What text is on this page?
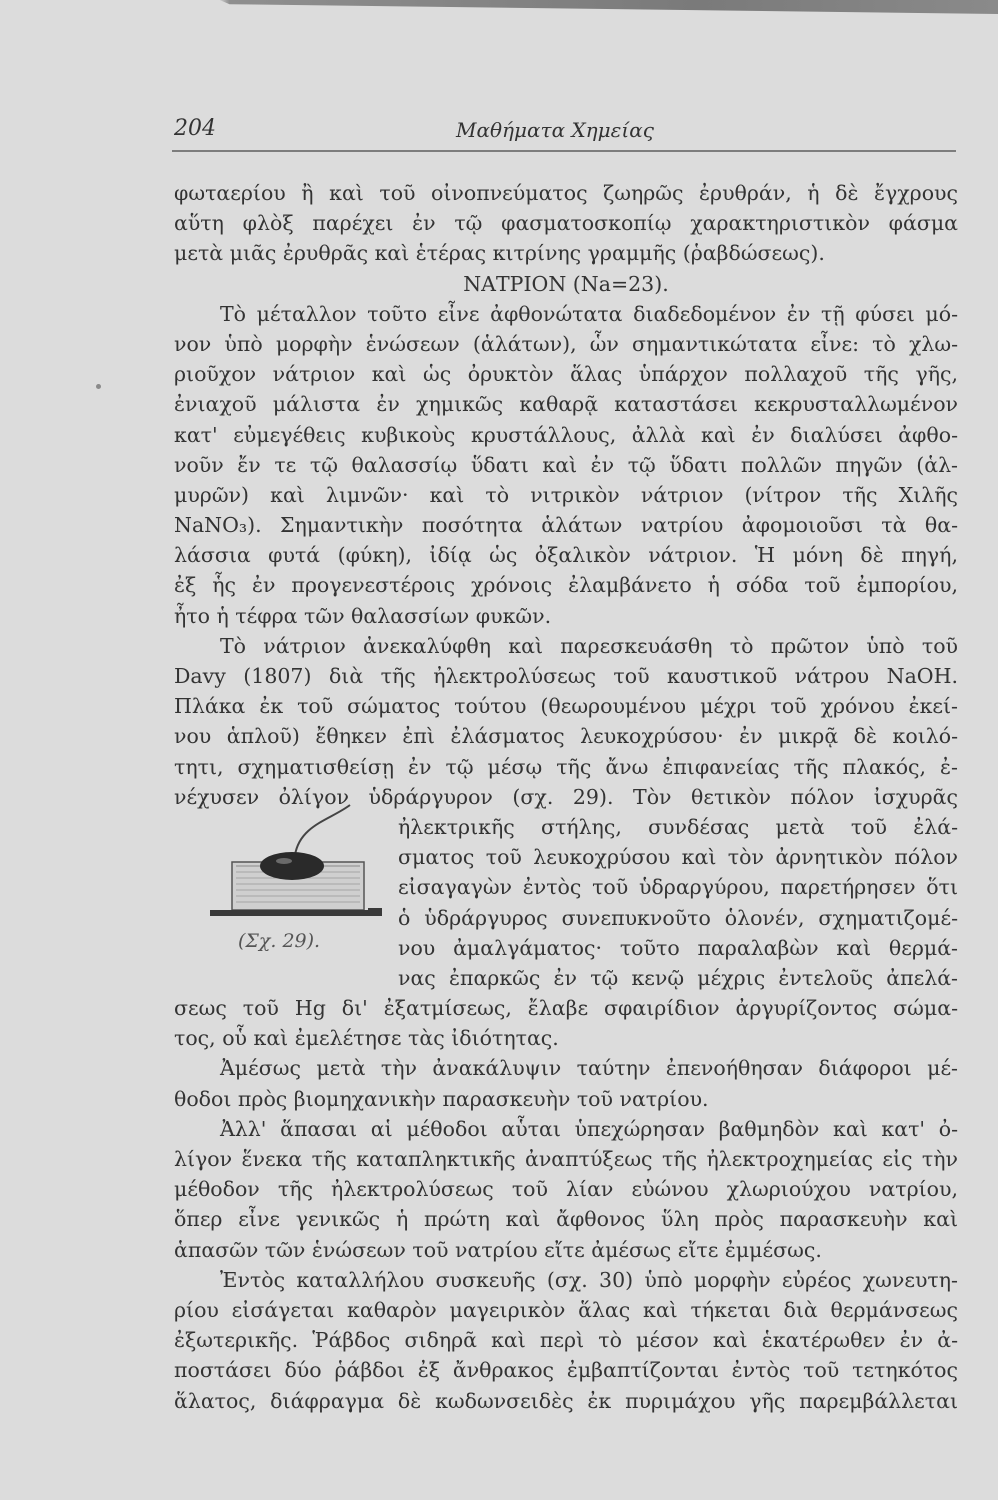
204	Μαθήματα Χημείας
φωταερίου ἢ καὶ τοῦ οἰνοπνεύματος ζωηρῶς ἐρυθράν, ἡ δὲ ἔγχρους
αὕτη φλὸξ παρέχει ἐν τῷ φασματοσκοπίῳ χαρακτηριστικὸν φάσμα
μετὰ μιᾶς ἐρυθρᾶς καὶ ἑτέρας κιτρίνης γραμμῆς (ῥαβδώσεως).
ΝΑΤΡΙΟΝ (Na=23).
Τὸ μέταλλον τοῦτο εἶνε ἀφθονώτατα διαδεδομένον ἐν τῇ φύσει μό-
νον ὑπὸ μορφὴν ἑνώσεων (ἁλάτων), ὧν σημαντικώτατα εἶνε: τὸ χλω-
ριοῦχον νάτριον καὶ ὡς ὀρυκτὸν ἅλας ὑπάρχον πολλαχοῦ τῆς γῆς,
ἐνιαχοῦ μάλιστα ἐν χημικῶς καθαρᾷ καταστάσει κεκρυσταλλωμένον
κατ' εὐμεγέθεις κυβικοὺς κρυστάλλους, ἀλλὰ καὶ ἐν διαλύσει ἀφθο-
νοῦν ἔν τε τῷ θαλασσίῳ ὕδατι καὶ ἐν τῷ ὕδατι πολλῶν πηγῶν (ἁλ-
μυρῶν) καὶ λιμνῶν· καὶ τὸ νιτρικὸν νάτριον (νίτρον τῆς Χιλῆς
NaNO₃). Σημαντικὴν ποσότητα ἁλάτων νατρίου ἀφομοιοῦσι τὰ θα-
λάσσια φυτά (φύκη), ἰδίᾳ ὡς ὀξαλικὸν νάτριον. Ἡ μόνη δὲ πηγή,
ἐξ ἧς ἐν προγενεστέροις χρόνοις ἐλαμβάνετο ἡ σόδα τοῦ ἐμπορίου,
ἦτο ἡ τέφρα τῶν θαλασσίων φυκῶν.
Τὸ νάτριον ἀνεκαλύφθη καὶ παρεσκευάσθη τὸ πρῶτον ὑπὸ τοῦ
Davy (1807) διὰ τῆς ἠλεκτρολύσεως τοῦ καυστικοῦ νάτρου NaOH.
Πλάκα ἐκ τοῦ σώματος τούτου (θεωρουμένου μέχρι τοῦ χρόνου ἐκεί-
νου ἁπλοῦ) ἔθηκεν ἐπὶ ἐλάσματος λευκοχρύσου· ἐν μικρᾷ δὲ κοιλό-
τητι, σχηματισθείσῃ ἐν τῷ μέσῳ τῆς ἄνω ἐπιφανείας τῆς πλακός, ἐ-
νέχυσεν ὀλίγον ὑδράργυρον (σχ. 29). Τὸν θετικὸν πόλον ἰσχυρᾶς
ἠλεκτρικῆς στήλης, συνδέσας μετὰ τοῦ ἐλά-
σματος τοῦ λευκοχρύσου καὶ τὸν ἀρνητικὸν πόλον
εἰσαγαγὼν ἐντὸς τοῦ ὑδραργύρου, παρετήρησεν ὅτι
ὁ ὑδράργυρος συνεπυκνοῦτο ὁλονέν, σχηματιζομέ-
νου ἀμαλγάματος· τοῦτο παραλαβὼν καὶ θερμά-
νας ἐπαρκῶς ἐν τῷ κενῷ μέχρις ἐντελοῦς ἀπελά-
σεως τοῦ Hg δι' ἐξατμίσεως, ἔλαβε σφαιρίδιον ἀργυρίζοντος σώμα-
τος, οὗ καὶ ἐμελέτησε τὰς ἰδιότητας.
Ἀμέσως μετὰ τὴν ἀνακάλυψιν ταύτην ἐπενοήθησαν διάφοροι μέ-
θοδοι πρὸς βιομηχανικὴν παρασκευὴν τοῦ νατρίου.
Ἀλλ' ἅπασαι αἱ μέθοδοι αὗται ὑπεχώρησαν βαθμηδὸν καὶ κατ' ὀ-
λίγον ἕνεκα τῆς καταπληκτικῆς ἀναπτύξεως τῆς ἠλεκτροχημείας εἰς τὴν
μέθοδον τῆς ἠλεκτρολύσεως τοῦ λίαν εὐώνου χλωριούχου νατρίου,
ὅπερ εἶνε γενικῶς ἡ πρώτη καὶ ἄφθονος ὕλη πρὸς παρασκευὴν καὶ
ἁπασῶν τῶν ἑνώσεων τοῦ νατρίου εἴτε ἀμέσως εἴτε ἐμμέσως.
Ἐντὸς καταλλήλου συσκευῆς (σχ. 30) ὑπὸ μορφὴν εὐρέος χωνευτη-
ρίου εἰσάγεται καθαρὸν μαγειρικὸν ἅλας καὶ τήκεται διὰ θερμάνσεως
ἐξωτερικῆς. Ῥάβδος σιδηρᾶ καὶ περὶ τὸ μέσον καὶ ἑκατέρωθεν ἐν ἀ-
ποστάσει δύο ῥάβδοι ἐξ ἄνθρακος ἐμβαπτίζονται ἐντὸς τοῦ τετηκότος
ἅλατος, διάφραγμα δὲ κωδωνσειδὲς ἐκ πυριμάχου γῆς παρεμβάλλεται
(Σχ. 29).
